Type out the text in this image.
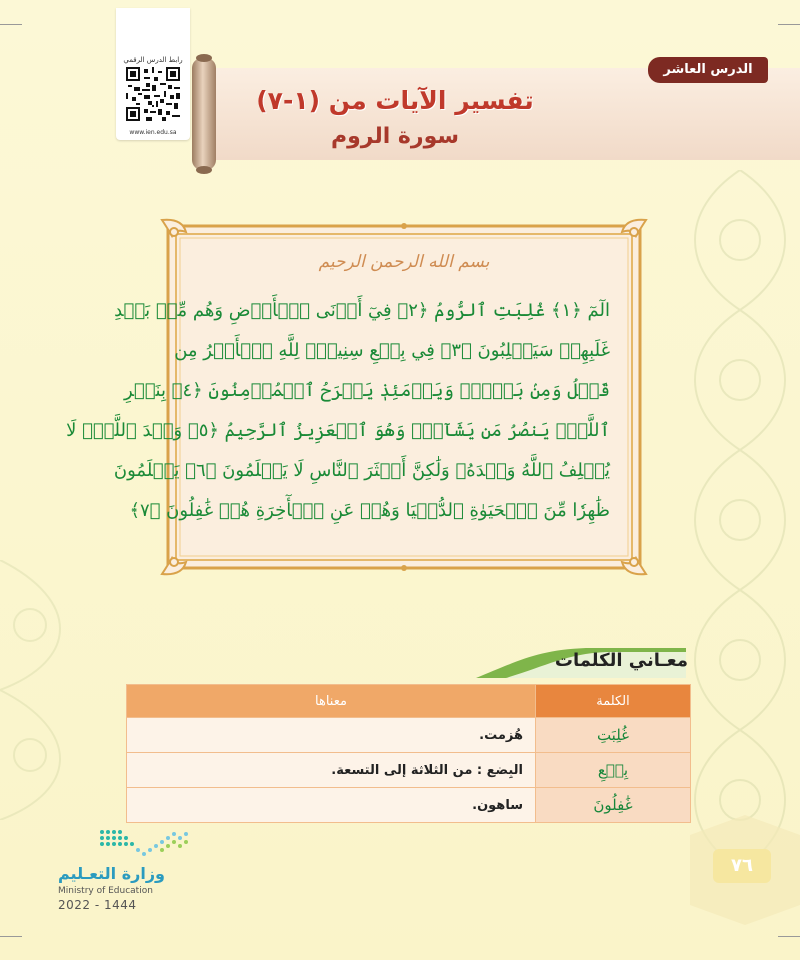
رابط الدرس الرقمي
www.ien.edu.sa
الدرس العاشر
تفسير الآيات من (١-٧)
سورة الروم
بسم الله الرحمن الرحيم
الٓمٓ ﴿١﴾ غُلِبَتِ ٱلرُّومُ ﴿٢﴾ فِيٓ أَدۡنَى ٱلۡأَرۡضِ وَهُم مِّنۢ بَعۡدِ
غَلَبِهِمۡ سَيَغۡلِبُونَ ﴿٣﴾ فِي بِضۡعِ سِنِينَۗ لِلَّهِ ٱلۡأَمۡرُ مِن
قَبۡلُ وَمِنۢ بَعۡدُۚ وَيَوۡمَئِذٖ يَفۡرَحُ ٱلۡمُؤۡمِنُونَ ﴿٤﴾ بِنَصۡرِ
ٱللَّهِۚ يَنصُرُ مَن يَشَآءُۖ وَهُوَ ٱلۡعَزِيزُ ٱلرَّحِيمُ ﴿٥﴾ وَعۡدَ ٱللَّهِۖ لَا
يُخۡلِفُ ٱللَّهُ وَعۡدَهُۥ وَلَٰكِنَّ أَكۡثَرَ ٱلنَّاسِ لَا يَعۡلَمُونَ ﴿٦﴾ يَعۡلَمُونَ
ظَٰهِرٗا مِّنَ ٱلۡحَيَوٰةِ ٱلدُّنۡيَا وَهُمۡ عَنِ ٱلۡأٓخِرَةِ هُمۡ غَٰفِلُونَ ﴿٧﴾
معـاني الكلمات
معناها	الكلمة
هُزمت.	غُلِبَتِ
البِضع : من الثلاثة إلى التسعة.	بِضۡعِ
ساهون.	غَٰفِلُونَ
وزارة التعـليم
Ministry of Education
2022 - 1444
٧٦
